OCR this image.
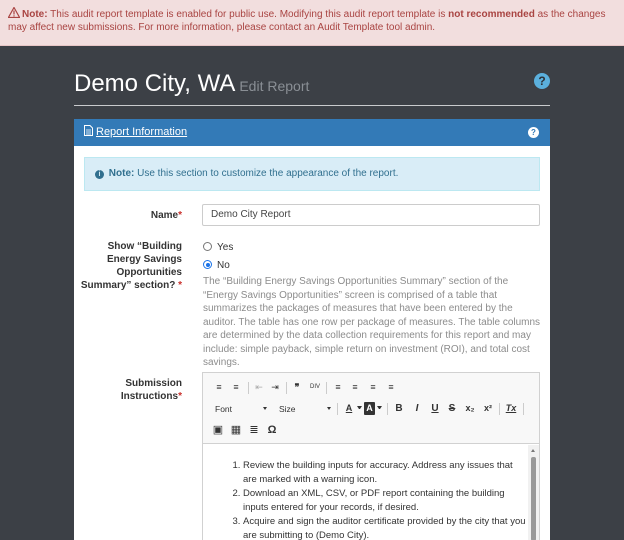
Note: This audit report template is enabled for public use. Modifying this audit report template is not recommended as the changes may affect new submissions. For more information, please contact an Audit Template tool admin.
Demo City, WA Edit Report	?
Report Information	?
i Note: Use this section to customize the appearance of the report.
Name*	Demo City Report
Show “Building
Energy Savings
Opportunities
Summary” section? *
Yes
No
The “Building Energy Savings Opportunities Summary” section of the “Energy Savings Opportunities” screen is comprised of a table that summarizes the packages of measures that have been entered by the auditor. The table has one row per package of measures. The table columns are determined by the data collection requirements for this report and may include: simple payback, simple return on investment (ROI), and total cost savings.
Submission
Instructions*
≡	≡	⇤ ⇥	❞	DIV	≡	≡	≡	≡
Font	Size	A	A B	I	U S x₂ x² Tx
▣ ▦ ≣ Ω
1. Review the building inputs for accuracy. Address any issues that are marked with a warning icon.
2. Download an XML, CSV, or PDF report containing the building inputs entered for your records, if desired.
3. Acquire and sign the auditor certificate provided by the city that you are submitting to (Demo City).
